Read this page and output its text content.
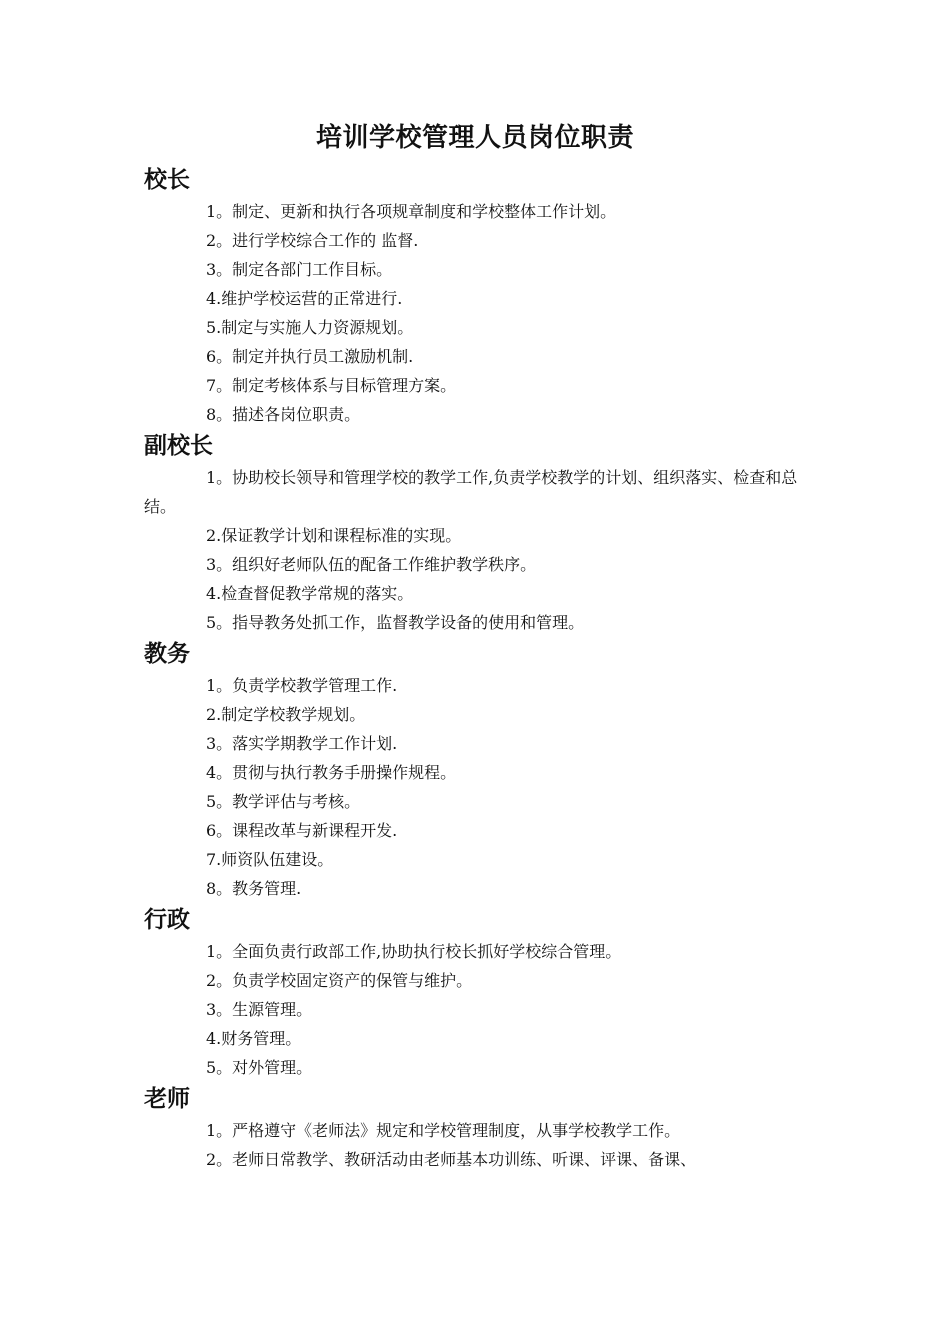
培训学校管理人员岗位职责
校长
1。制定、更新和执行各项规章制度和学校整体工作计划。
2。进行学校综合工作的 监督.
3。制定各部门工作目标。
4.维护学校运营的正常进行.
5.制定与实施人力资源规划。
6。制定并执行员工激励机制.
7。制定考核体系与目标管理方案。
8。描述各岗位职责。
副校长
1。协助校长领导和管理学校的教学工作,负责学校教学的计划、组织落实、检查和总结。
2.保证教学计划和课程标准的实现。
3。组织好老师队伍的配备工作维护教学秩序。
4.检查督促教学常规的落实。
5。指导教务处抓工作，监督教学设备的使用和管理。
教务
1。负责学校教学管理工作.
2.制定学校教学规划。
3。落实学期教学工作计划.
4。贯彻与执行教务手册操作规程。
5。教学评估与考核。
6。课程改革与新课程开发.
7.师资队伍建设。
8。教务管理.
行政
1。全面负责行政部工作,协助执行校长抓好学校综合管理。
2。负责学校固定资产的保管与维护。
3。生源管理。
4.财务管理。
5。对外管理。
老师
1。严格遵守《老师法》规定和学校管理制度，从事学校教学工作。
2。老师日常教学、教研活动由老师基本功训练、听课、评课、备课、
